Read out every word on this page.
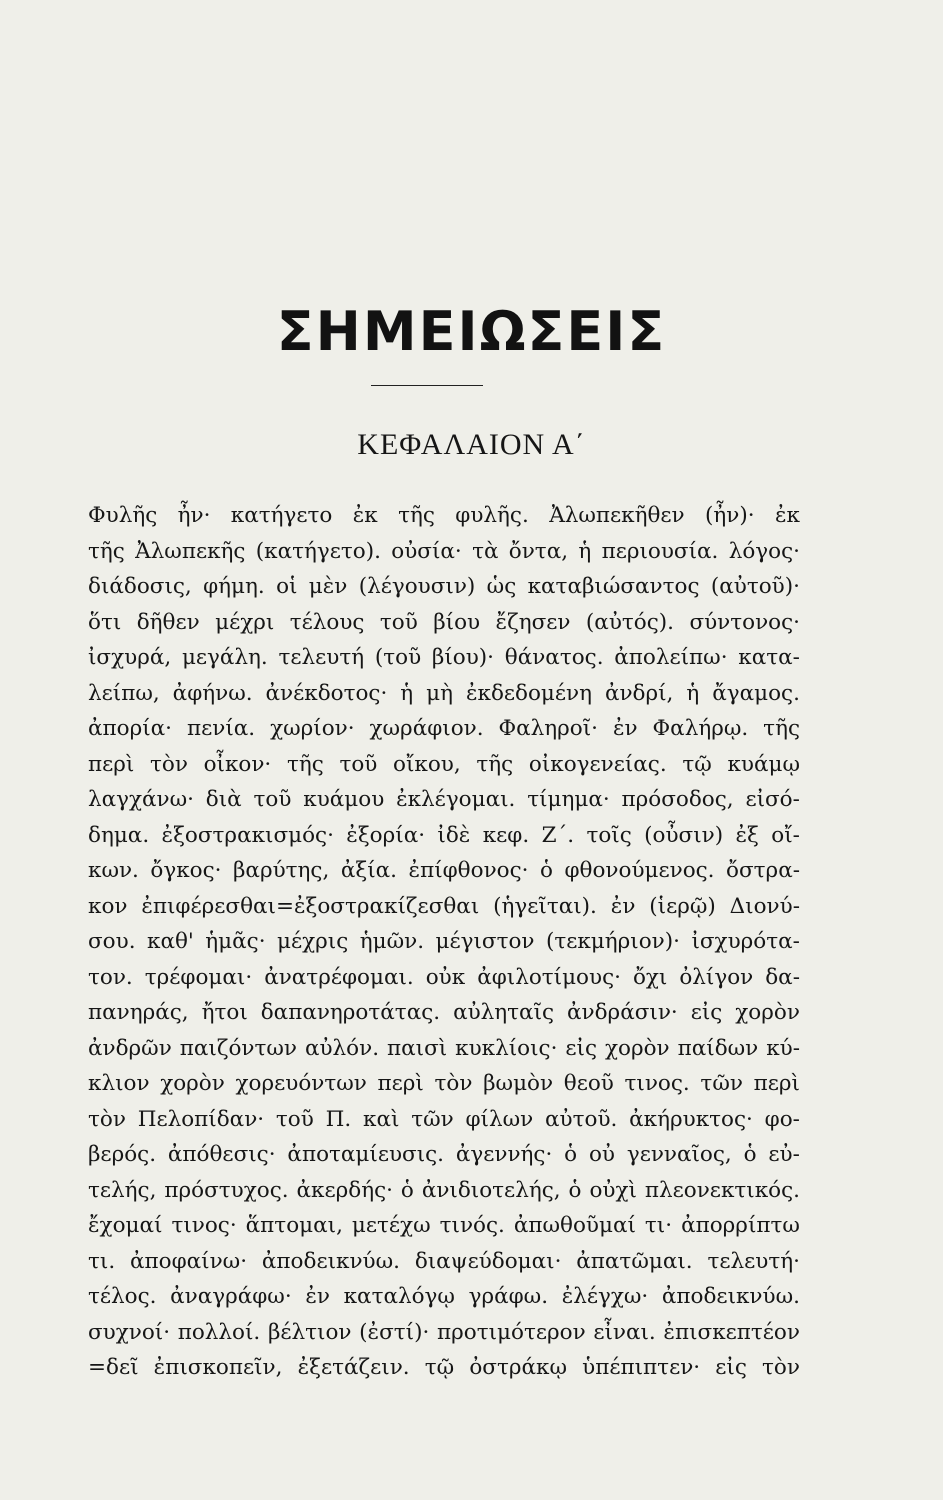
ΣΗΜΕΙΩΣΕΙΣ
ΚΕΦΑΛΑΙΟΝ Α΄
Φυλῆς ἦν· κατήγετο ἐκ τῆς φυλῆς. Ἀλωπεκῆθεν (ἦν)· ἐκ
τῆς Ἀλωπεκῆς (κατήγετο). οὐσία· τὰ ὄντα, ἡ περιουσία. λόγος·
διάδοσις, φήμη. οἱ μὲν (λέγουσιν) ὡς καταβιώσαντος (αὐτοῦ)·
ὅτι δῆθεν μέχρι τέλους τοῦ βίου ἔζησεν (αὐτός). σύντονος·
ἰσχυρά, μεγάλη. τελευτή (τοῦ βίου)· θάνατος. ἀπολείπω· κατα-
λείπω, ἀφήνω. ἀνέκδοτος· ἡ μὴ ἐκδεδομένη ἀνδρί, ἡ ἄγαμος.
ἀπορία· πενία. χωρίον· χωράφιον. Φαληροῖ· ἐν Φαλήρῳ. τῆς
περὶ τὸν οἶκον· τῆς τοῦ οἴκου, τῆς οἰκογενείας. τῷ κυάμῳ
λαγχάνω· διὰ τοῦ κυάμου ἐκλέγομαι. τίμημα· πρόσοδος, εἰσό-
δημα. ἐξοστρακισμός· ἐξορία· ἰδὲ κεφ. Ζ΄. τοῖς (οὖσιν) ἐξ οἴ-
κων. ὄγκος· βαρύτης, ἀξία. ἐπίφθονος· ὁ φθονούμενος. ὄστρα-
κον ἐπιφέρεσθαι=ἐξοστρακίζεσθαι (ἡγεῖται). ἐν (ἱερῷ) Διονύ-
σου. καθ' ἡμᾶς· μέχρις ἡμῶν. μέγιστον (τεκμήριον)· ἰσχυρότα-
τον. τρέφομαι· ἀνατρέφομαι. οὐκ ἀφιλοτίμους· ὄχι ὀλίγον δα-
πανηράς, ἤτοι δαπανηροτάτας. αὐληταῖς ἀνδράσιν· εἰς χορὸν
ἀνδρῶν παιζόντων αὐλόν. παισὶ κυκλίοις· εἰς χορὸν παίδων κύ-
κλιον χορὸν χορευόντων περὶ τὸν βωμὸν θεοῦ τινος. τῶν περὶ
τὸν Πελοπίδαν· τοῦ Π. καὶ τῶν φίλων αὐτοῦ. ἀκήρυκτος· φο-
βερός. ἀπόθεσις· ἀποταμίευσις. ἀγεννής· ὁ οὐ γενναῖος, ὁ εὐ-
τελής, πρόστυχος. ἀκερδής· ὁ ἀνιδιοτελής, ὁ οὐχὶ πλεονεκτικός.
ἔχομαί τινος· ἅπτομαι, μετέχω τινός. ἀπωθοῦμαί τι· ἀπορρίπτω
τι. ἀποφαίνω· ἀποδεικνύω. διαψεύδομαι· ἀπατῶμαι. τελευτή·
τέλος. ἀναγράφω· ἐν καταλόγῳ γράφω. ἐλέγχω· ἀποδεικνύω.
συχνοί· πολλοί. βέλτιον (ἐστί)· προτιμότερον εἶναι. ἐπισκεπτέον
=δεῖ ἐπισκοπεῖν, ἐξετάζειν. τῷ ὀστράκῳ ὑπέπιπτεν· εἰς τὸν
